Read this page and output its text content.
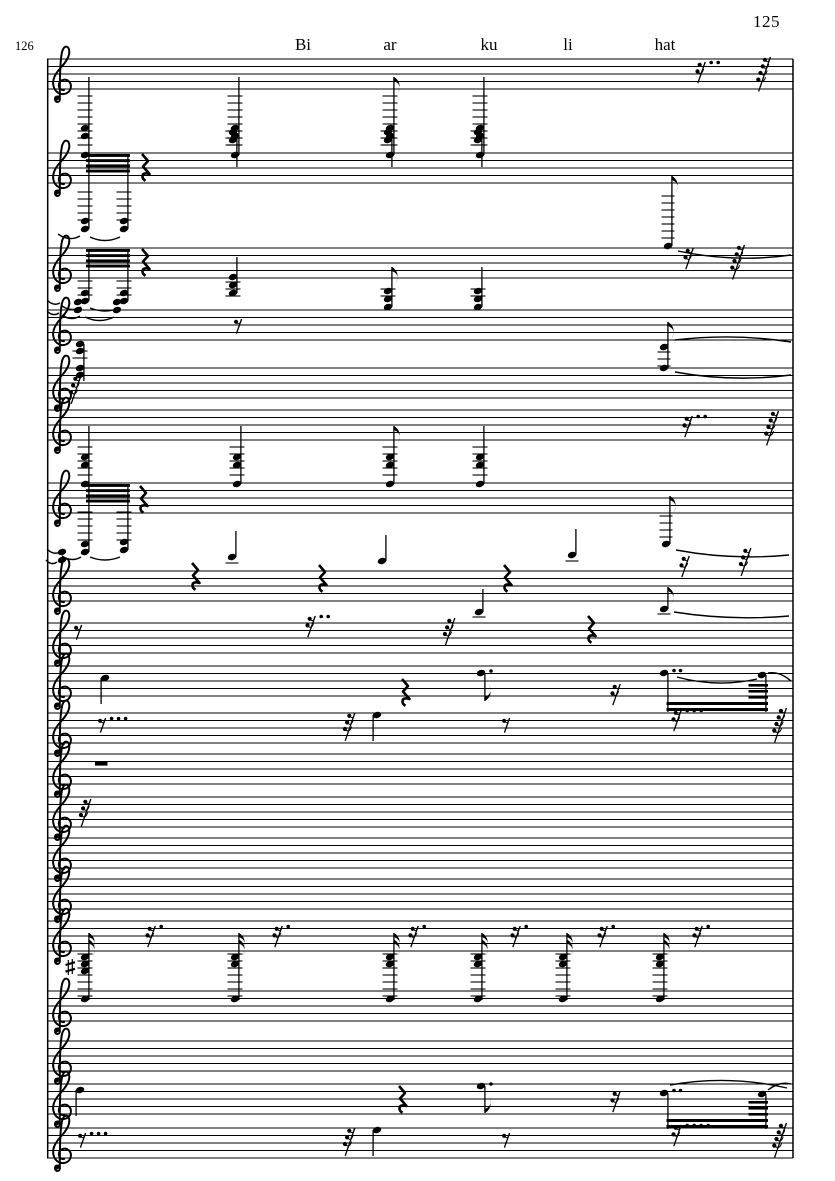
125
126	Bi	ar	ku	li	hat
